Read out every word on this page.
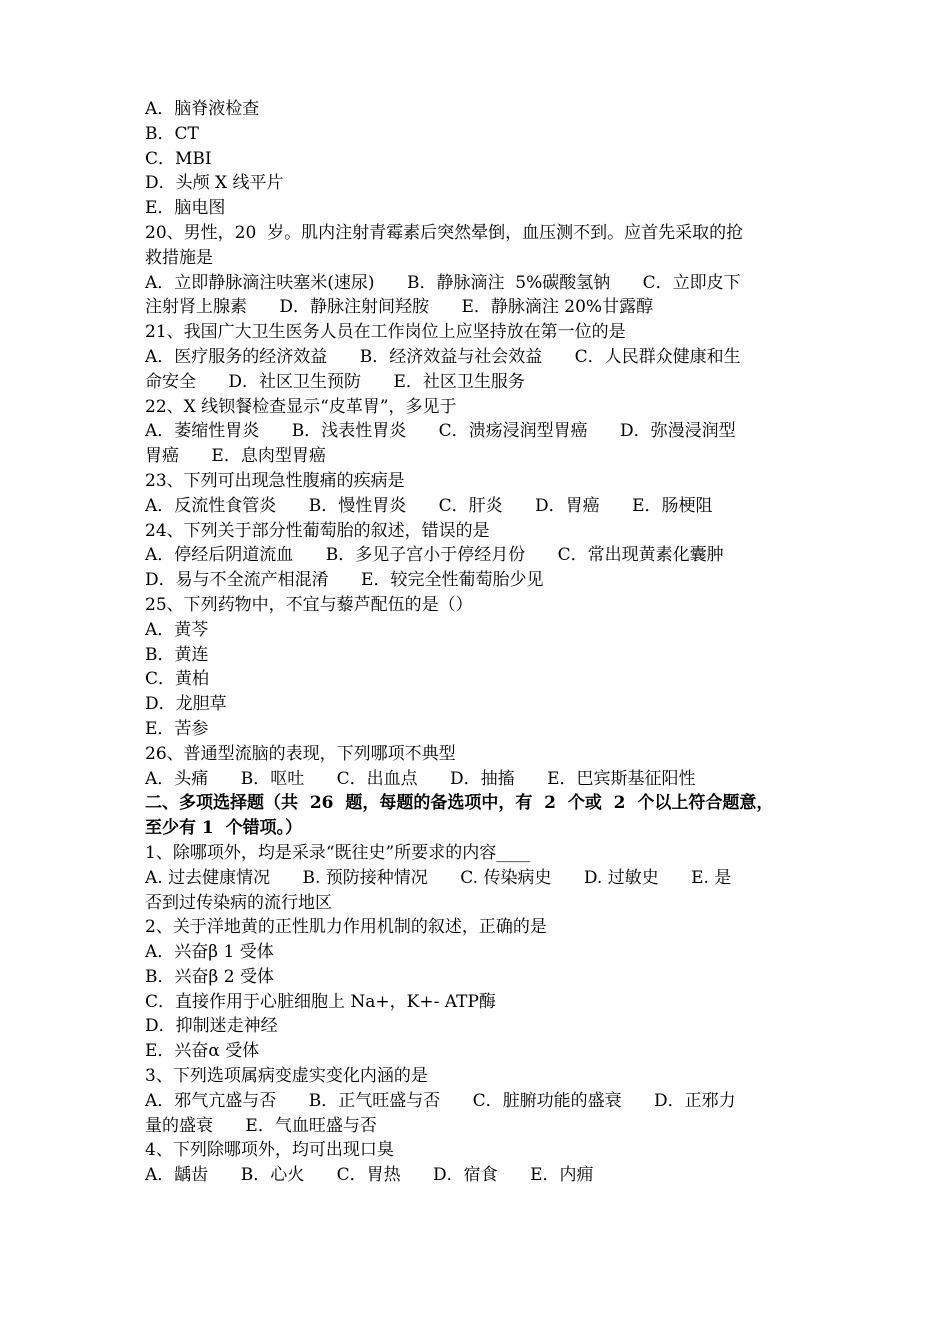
A．脑脊液检查
B．CT
C．MBI
D．头颅 X 线平片
E．脑电图
20、男性，20  岁。肌内注射青霉素后突然晕倒，血压测不到。应首先采取的抢
救措施是
A．立即静脉滴注呋塞米(速尿)      B．静脉滴注  5%碳酸氢钠      C．立即皮下
注射肾上腺素      D．静脉注射间羟胺      E．静脉滴注 20%甘露醇
21、我国广大卫生医务人员在工作岗位上应坚持放在第一位的是
A．医疗服务的经济效益      B．经济效益与社会效益      C．人民群众健康和生
命安全      D．社区卫生预防      E．社区卫生服务
22、X 线钡餐检查显示“皮革胃”，多见于
A．萎缩性胃炎      B．浅表性胃炎      C．溃疡浸润型胃癌      D．弥漫浸润型
胃癌      E．息肉型胃癌
23、下列可出现急性腹痛的疾病是
A．反流性食管炎      B．慢性胃炎      C．肝炎      D．胃癌      E．肠梗阻
24、下列关于部分性葡萄胎的叙述，错误的是
A．停经后阴道流血      B．多见子宫小于停经月份      C．常出现黄素化囊肿
D．易与不全流产相混淆      E．较完全性葡萄胎少见
25、下列药物中，不宜与藜芦配伍的是（）
A．黄芩
B．黄连
C．黄柏
D．龙胆草
E．苦参
26、普通型流脑的表现，下列哪项不典型
A．头痛      B．呕吐      C．出血点      D．抽搐      E．巴宾斯基征阳性
二、多项选择题（共  26  题，每题的备选项中，有  2  个或  2  个以上符合题意，
至少有 1  个错项。）
1、除哪项外，均是采录“既往史”所要求的内容____
A. 过去健康情况      B. 预防接种情况      C. 传染病史      D. 过敏史      E. 是
否到过传染病的流行地区
2、关于洋地黄的正性肌力作用机制的叙述，正确的是
A．兴奋β 1 受体
B．兴奋β 2 受体
C．直接作用于心脏细胞上 Na+，K+- ATP酶
D．抑制迷走神经
E．兴奋α 受体
3、下列选项属病变虚实变化内涵的是
A．邪气亢盛与否      B．正气旺盛与否      C．脏腑功能的盛衰      D．正邪力
量的盛衰      E．气血旺盛与否
4、下列除哪项外，均可出现口臭
A．龋齿      B．心火      C．胃热      D．宿食      E．内痈
